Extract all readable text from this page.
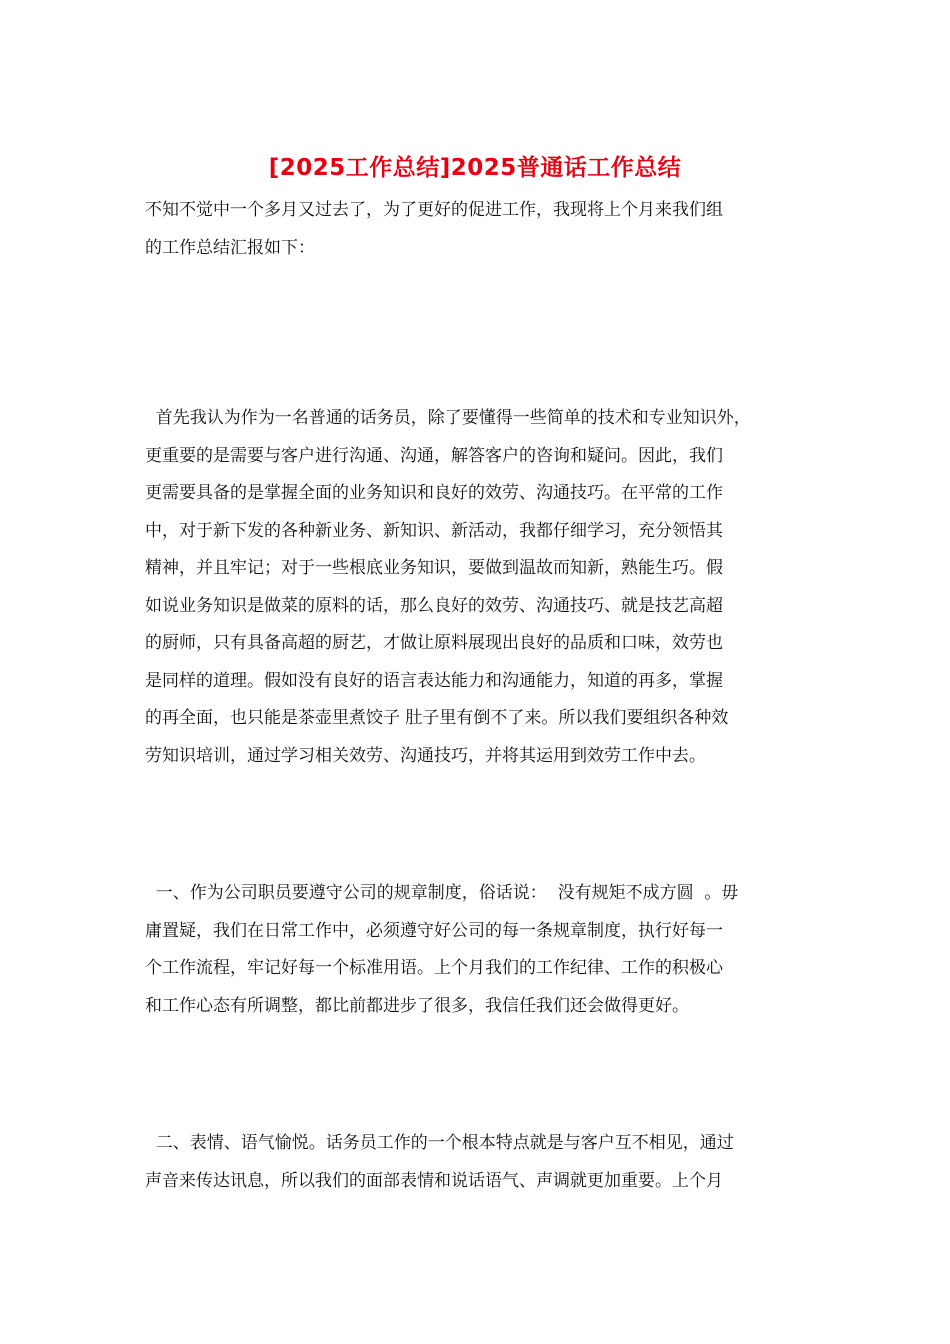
[2025工作总结]2025普通话工作总结

不知不觉中一个多月又过去了，为了更好的促进工作，我现将上个月来我们组
的工作总结汇报如下：

首先我认为作为一名普通的话务员，除了要懂得一些简单的技术和专业知识外，
更重要的是需要与客户进行沟通、沟通，解答客户的咨询和疑问。因此，我们
更需要具备的是掌握全面的业务知识和良好的效劳、沟通技巧。在平常的工作
中，对于新下发的各种新业务、新知识、新活动，我都仔细学习，充分领悟其
精神，并且牢记；对于一些根底业务知识，要做到温故而知新，熟能生巧。假
如说业务知识是做菜的原料的话，那么良好的效劳、沟通技巧、就是技艺高超
的厨师，只有具备高超的厨艺，才做让原料展现出良好的品质和口味，效劳也
是同样的道理。假如没有良好的语言表达能力和沟通能力，知道的再多，掌握
的再全面，也只能是茶壶里煮饺子 肚子里有倒不了来。所以我们要组织各种效
劳知识培训，通过学习相关效劳、沟通技巧，并将其运用到效劳工作中去。

一、作为公司职员要遵守公司的规章制度，俗话说：  没有规矩不成方圆  。毋
庸置疑，我们在日常工作中，必须遵守好公司的每一条规章制度，执行好每一
个工作流程，牢记好每一个标准用语。上个月我们的工作纪律、工作的积极心
和工作心态有所调整，都比前都进步了很多，我信任我们还会做得更好。

二、表情、语气愉悦。话务员工作的一个根本特点就是与客户互不相见，通过
声音来传达讯息，所以我们的面部表情和说话语气、声调就更加重要。上个月
